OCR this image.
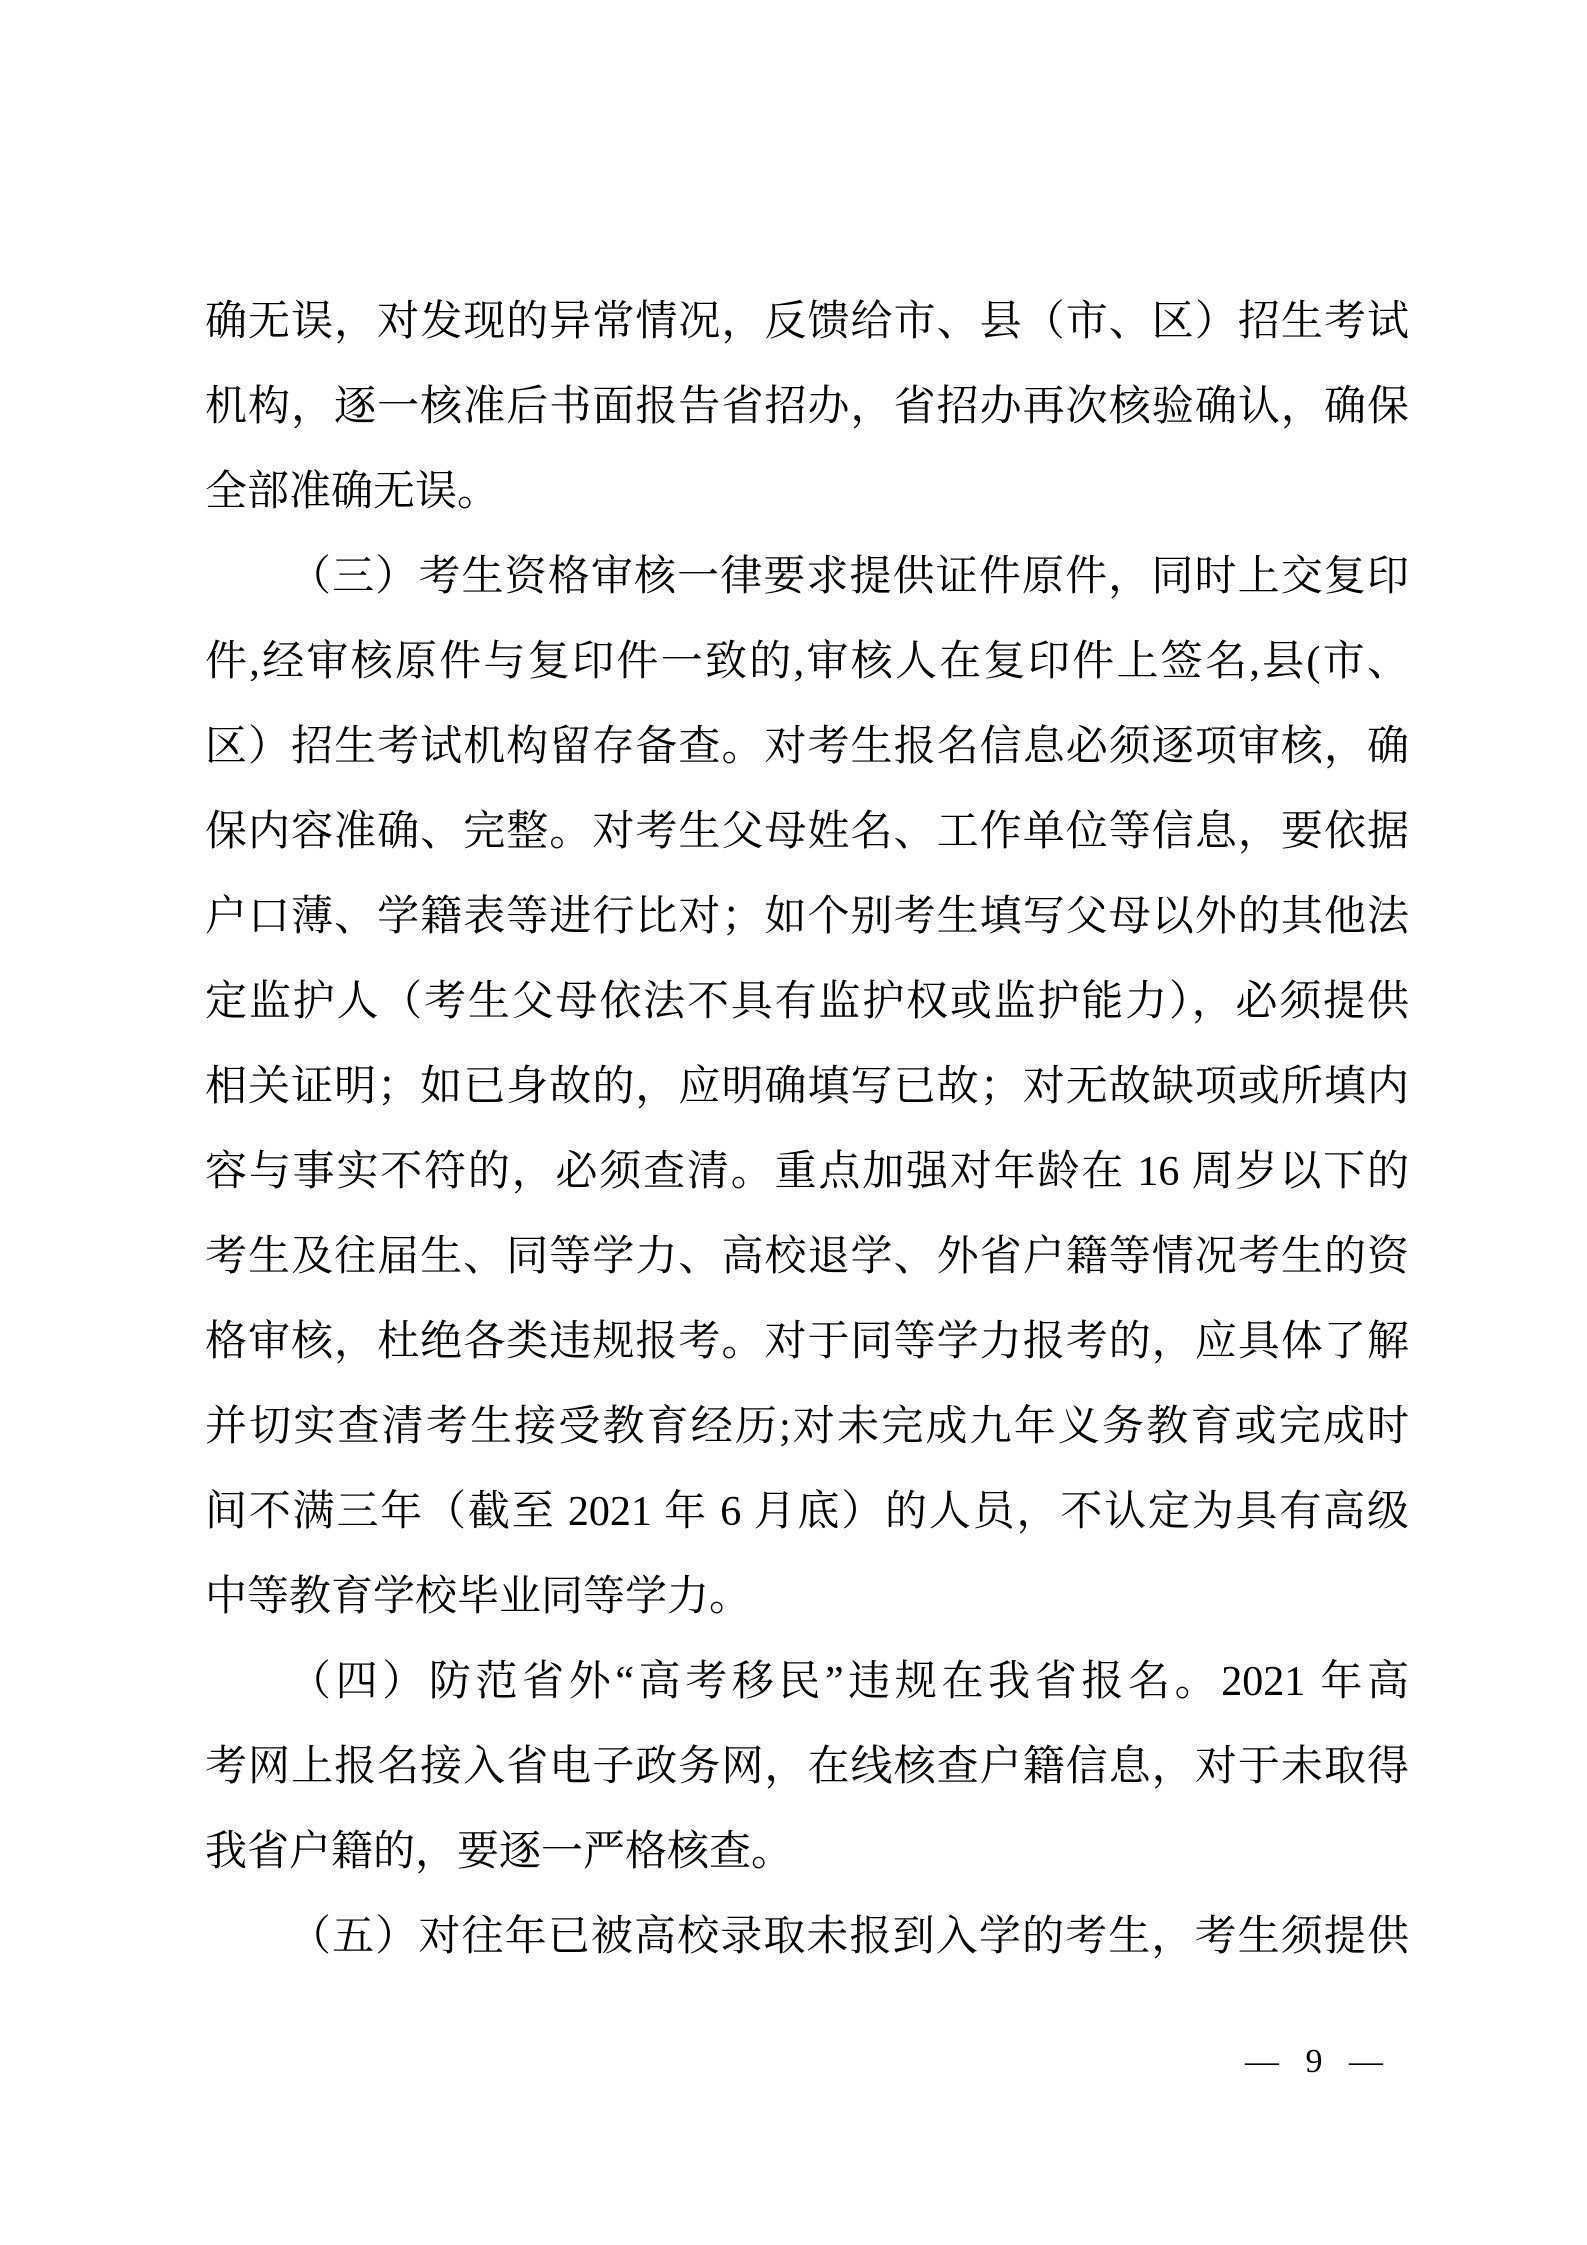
确无误，对发现的异常情况，反馈给市、县（市、区）招生考试
机构，逐一核准后书面报告省招办，省招办再次核验确认，确保
全部准确无误。
（三）考生资格审核一律要求提供证件原件，同时上交复印
件,经审核原件与复印件一致的,审核人在复印件上签名,县(市、
区）招生考试机构留存备查。对考生报名信息必须逐项审核，确
保内容准确、完整。对考生父母姓名、工作单位等信息，要依据
户口薄、学籍表等进行比对；如个别考生填写父母以外的其他法
定监护人（考生父母依法不具有监护权或监护能力），必须提供
相关证明；如已身故的，应明确填写已故；对无故缺项或所填内
容与事实不符的，必须查清。重点加强对年龄在 16 周岁以下的
考生及往届生、同等学力、高校退学、外省户籍等情况考生的资
格审核，杜绝各类违规报考。对于同等学力报考的，应具体了解
并切实查清考生接受教育经历;对未完成九年义务教育或完成时
间不满三年（截至 2021 年 6 月底）的人员，不认定为具有高级
中等教育学校毕业同等学力。
（四）防范省外“高考移民”违规在我省报名。2021 年高
考网上报名接入省电子政务网，在线核查户籍信息，对于未取得
我省户籍的，要逐一严格核查。
（五）对往年已被高校录取未报到入学的考生，考生须提供
— 9 —
